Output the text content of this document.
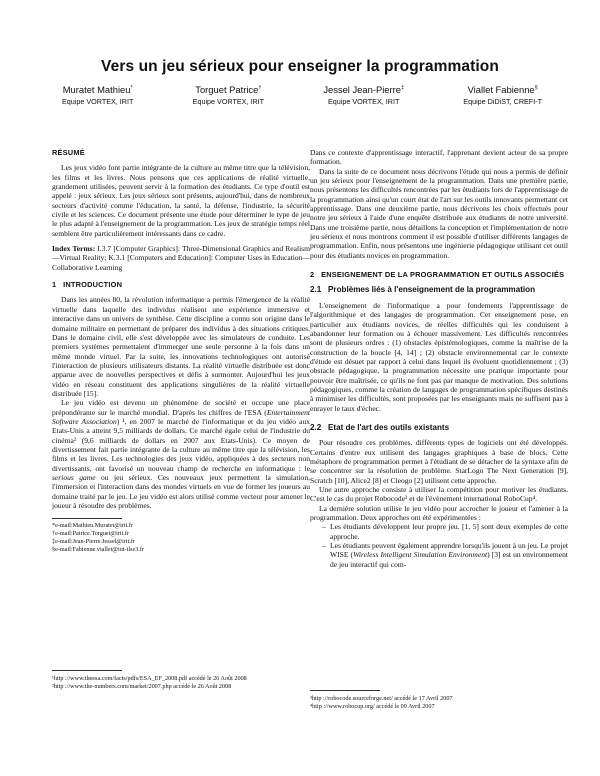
Vers un jeu sérieux pour enseigner la programmation
Muratet Mathieu*
Equipe VORTEX, IRIT
Torguet Patrice†
Equipe VORTEX, IRIT
Jessel Jean-Pierre‡
Equipe VORTEX, IRIT
Viallet Fabienne§
Equipe DiDiST, CREFI-T
RÉSUMÉ

Les jeux vidéo font partie intégrante de la culture au même titre que la télévision, les films et les livres. Nous pensons que ces applications de réalité virtuelle, grandement utilisées, peuvent servir à la formation des étudiants. Ce type d'outil est appelé : jeux sérieux. Les jeux sérieux sont présents, aujourd'hui, dans de nombreux secteurs d'activité comme l'éducation, la santé, la défense, l'industrie, la sécurité civile et les sciences. Ce document présente une étude pour déterminer le type de jeu le plus adapté à l'enseignement de la programmation. Les jeux de stratégie temps réel semblent être particulièrement intéressants dans ce cadre.

Index Terms: I.3.7 [Computer Graphics]: Three-Dimensional Graphics and Realism—Virtual Reality; K.3.1 [Computers and Education]: Computer Uses in Education—Collaborative Learning

1 INTRODUCTION

Dans les années 80, la révolution informatique a permis l'émergence de la réalité virtuelle dans laquelle des individus réalisent une expérience immersive et interactive dans un univers de synthèse. Cette discipline a connu son origine dans le domaine militaire en permettant de préparer des individus à des situations critiques. Dans le domaine civil, elle s'est développée avec les simulateurs de conduite. Les premiers systèmes permettaient d'immerger une seule personne à la fois dans un même monde virtuel. Par la suite, les innovations technologiques ont autorisé l'interaction de plusieurs utilisateurs distants. La réalité virtuelle distribuée est donc apparue avec de nouvelles perspectives et défis à surmonter. Aujourd'hui les jeux vidéo en réseau constituent des applications singulières de la réalité virtuelle distribuée [15].

Le jeu vidéo est devenu un phénomène de société et occupe une place prépondérante sur le marché mondial. D'après les chiffres de l'ESA (Entertainment Software Association) ¹, en 2007 le marché de l'informatique et du jeu vidéo aux Etats-Unis a atteint 9,5 milliards de dollars. Ce marché égale celui de l'industrie du cinéma² (9,6 milliards de dollars en 2007 aux Etats-Unis). Ce moyen de divertissement fait partie intégrante de la culture au même titre que la télévision, les films et les livres. Les technologies des jeux vidéo, appliquées à des secteurs non divertissants, ont favorisé un nouveau champ de recherche en informatique : le serious game ou jeu sérieux. Ces nouveaux jeux permettent la simulation, l'immersion et l'interaction dans des mondes virtuels en vue de former les joueurs au domaine traité par le jeu. Le jeu vidéo est alors utilisé comme vecteur pour amener le joueur à résoudre des problèmes.

*e-mail:Mathieu.Muratet@irit.fr
†e-mail:Patrice.Torguet@irit.fr
‡e-mail:Jean-Pierre.Jessel@irit.fr
§e-mail:Fabienne.viallet@iut-tlse3.fr
¹http ://www.theesa.com/facts/pdfs/ESA_EF_2008.pdf accédé le 26 Août 2008
²http ://www.the-numbers.com/market/2007.php accédé le 26 Août 2008

Dans ce contexte d'apprentissage interactif, l'apprenant devient acteur de sa propre formation.

Dans la suite de ce document nous décrivons l'étude qui nous a permis de définir un jeu sérieux pour l'enseignement de la programmation. Dans une première partie, nous présentons les difficultés rencontrées par les étudiants lors de l'apprentissage de la programmation ainsi qu'un court état de l'art sur les outils innovants permettant cet apprentissage. Dans une deuxième partie, nous décrivons les choix effectués pour notre jeu sérieux à l'aide d'une enquête distribuée aux étudiants de notre université. Dans une troisième partie, nous détaillons la conception et l'implémentation de notre jeu sérieux et nous montrons comment il est possible d'utiliser différents langages de programmation. Enfin, nous présentons une ingénierie pédagogique utilisant cet outil pour des étudiants novices en programmation.

2 ENSEIGNEMENT DE LA PROGRAMMATION ET OUTILS ASSOCIÉS
2.1 Problèmes liés à l'enseignement de la programmation

L'enseignement de l'informatique a pour fondements l'apprentissage de l'algorithmique et des langages de programmation. Cet enseignement pose, en particulier aux étudiants novices, de réelles difficultés qui les conduisent à abandonner leur formation ou à échouer massivement. Les difficultés rencontrées sont de plusieurs ordres : (1) obstacles épistémologiques, comme la maîtrise de la construction de la boucle [4, 14] ; (2) obstacle environnemental car le contexte d'étude est désuet par rapport à celui dans lequel ils évoluent quotidiennement ; (3) obstacle pédagogique, la programmation nécessite une pratique importante pour pouvoir être maîtrisée, ce qu'ils ne font pas par manque de motivation. Des solutions pédagogiques, comme la création de langages de programmation spécifiques destinés à minimiser les difficultés, sont proposées par les enseignants mais ne suffisent pas à enrayer le taux d'échec.

2.2 Etat de l'art des outils existants

Pour résoudre ces problèmes, différents types de logiciels ont été développés. Certains d'entre eux utilisent des langages graphiques à base de blocs. Cette métaphore de programmation permet à l'étudiant de se détacher de la syntaxe afin de se concentrer sur la résolution de problème. StarLogo The Next Generation [9], Scratch [10], Alice2 [8] et Cleogo [2] utilisent cette approche.

Une autre approche consiste à utiliser la compétition pour motiver les étudiants. C'est le cas du projet Robocode³ et de l'évènement international RoboCup⁴.

La dernière solution utilise le jeu vidéo pour accrocher le joueur et l'amener à la programmation. Deux approches ont été expérimentées :

– Les étudiants développent leur propre jeu. [1, 5] sont deux exemples de cette approche.
– Les étudiants peuvent également apprendre lorsqu'ils jouent à un jeu. Le projet WISE (Wireless Intelligent Simulation Environment) [3] est un environnement de jeu interactif qui com-
³http ://robocode.sourceforge.net/ accédé le 17 Avril 2007
⁴http ://www.robocup.org/ accédé le 09 Avril 2007
